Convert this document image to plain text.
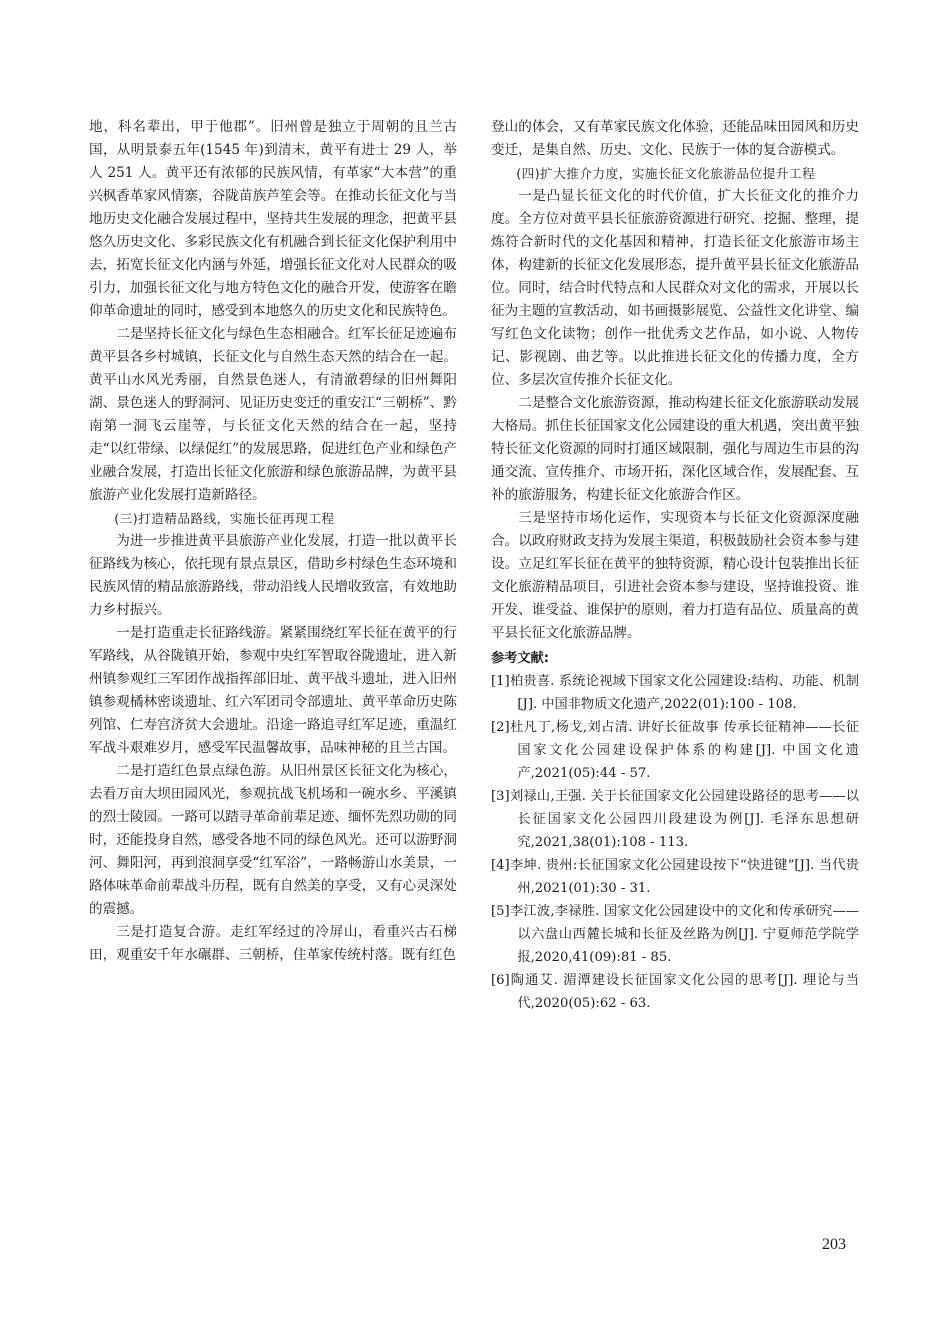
地，科名辈出，甲于他郡”。旧州曾是独立于周朝的且兰古国，从明景泰五年(1545 年)到清末，黄平有进士 29 人，举人 251 人。黄平还有浓郁的民族风情，有革家“大本营”的重兴枫香革家风情寨，谷陇苗族芦笙会等。在推动长征文化与当地历史文化融合发展过程中，坚持共生发展的理念，把黄平县悠久历史文化、多彩民族文化有机融合到长征文化保护利用中去，拓宽长征文化内涵与外延，增强长征文化对人民群众的吸引力，加强长征文化与地方特色文化的融合开发，使游客在瞻仰革命遗址的同时，感受到本地悠久的历史文化和民族特色。

二是坚持长征文化与绿色生态相融合。红军长征足迹遍布黄平县各乡村城镇，长征文化与自然生态天然的结合在一起。黄平山水风光秀丽，自然景色迷人，有清澈碧绿的旧州舞阳湖、景色迷人的野洞河、见证历史变迁的重安江“三朝桥”、黔南第一洞飞云崖等，与长征文化天然的结合在一起，坚持走“以红带绿、以绿促红”的发展思路，促进红色产业和绿色产业融合发展，打造出长征文化旅游和绿色旅游品牌，为黄平县旅游产业化发展打造新路径。

(三)打造精品路线，实施长征再现工程

为进一步推进黄平县旅游产业化发展，打造一批以黄平长征路线为核心，依托现有景点景区，借助乡村绿色生态环境和民族风情的精品旅游路线，带动沿线人民增收致富，有效地助力乡村振兴。

一是打造重走长征路线游。紧紧围绕红军长征在黄平的行军路线，从谷陇镇开始，参观中央红军智取谷陇遗址，进入新州镇参观红三军团作战指挥部旧址、黄平战斗遗址，进入旧州镇参观橘林密谈遗址、红六军团司令部遗址、黄平革命历史陈列馆、仁寿宫济贫大会遗址。沿途一路追寻红军足迹，重温红军战斗艰难岁月，感受军民温馨故事，品味神秘的且兰古国。

二是打造红色景点绿色游。从旧州景区长征文化为核心，去看万亩大坝田园风光，参观抗战飞机场和一碗水乡、平溪镇的烈士陵园。一路可以踏寻革命前辈足迹、缅怀先烈功勋的同时，还能投身自然，感受各地不同的绿色风光。还可以游野洞河、舞阳河，再到浪洞享受“红军浴”，一路畅游山水美景，一路体味革命前辈战斗历程，既有自然美的享受，又有心灵深处的震撼。

三是打造复合游。走红军经过的冷屏山，看重兴古石梯田，观重安千年水碾群、三朝桥，住革家传统村落。既有红色

登山的体会，又有革家民族文化体验，还能品味田园风和历史变迁，是集自然、历史、文化、民族于一体的复合游模式。

(四)扩大推介力度，实施长征文化旅游品位提升工程

一是凸显长征文化的时代价值，扩大长征文化的推介力度。全方位对黄平县长征旅游资源进行研究、挖掘、整理，提炼符合新时代的文化基因和精神，打造长征文化旅游市场主体，构建新的长征文化发展形态，提升黄平县长征文化旅游品位。同时，结合时代特点和人民群众对文化的需求，开展以长征为主题的宣教活动，如书画摄影展览、公益性文化讲堂、编写红色文化读物；创作一批优秀文艺作品，如小说、人物传记、影视剧、曲艺等。以此推进长征文化的传播力度，全方位、多层次宣传推介长征文化。

二是整合文化旅游资源，推动构建长征文化旅游联动发展大格局。抓住长征国家文化公园建设的重大机遇，突出黄平独特长征文化资源的同时打通区域限制，强化与周边生市县的沟通交流、宣传推介、市场开拓，深化区域合作，发展配套、互补的旅游服务，构建长征文化旅游合作区。

三是坚持市场化运作，实现资本与长征文化资源深度融合。以政府财政支持为发展主渠道，积极鼓励社会资本参与建设。立足红军长征在黄平的独特资源，精心设计包装推出长征文化旅游精品项目，引进社会资本参与建设，坚持谁投资、谁开发、谁受益、谁保护的原则，着力打造有品位、质量高的黄平县长征文化旅游品牌。

参考文献:

[1]柏贵喜. 系统论视域下国家文化公园建设:结构、功能、机制[J]. 中国非物质文化遗产,2022(01):100 - 108.

[2]杜凡丁,杨戈,刘占清. 讲好长征故事 传承长征精神——长征国家文化公园建设保护体系的构建[J]. 中国文化遗产,2021(05):44 - 57.

[3]刘禄山,王强. 关于长征国家文化公园建设路径的思考——以长征国家文化公园四川段建设为例[J]. 毛泽东思想研究,2021,38(01):108 - 113.

[4]李坤. 贵州:长征国家文化公园建设按下“快进键”[J]. 当代贵州,2021(01):30 - 31.

[5]李江波,李禄胜. 国家文化公园建设中的文化和传承研究——以六盘山西麓长城和长征及丝路为例[J]. 宁夏师范学院学报,2020,41(09):81 - 85.

[6]陶通艾. 湄潭建设长征国家文化公园的思考[J]. 理论与当代,2020(05):62 - 63.

203
